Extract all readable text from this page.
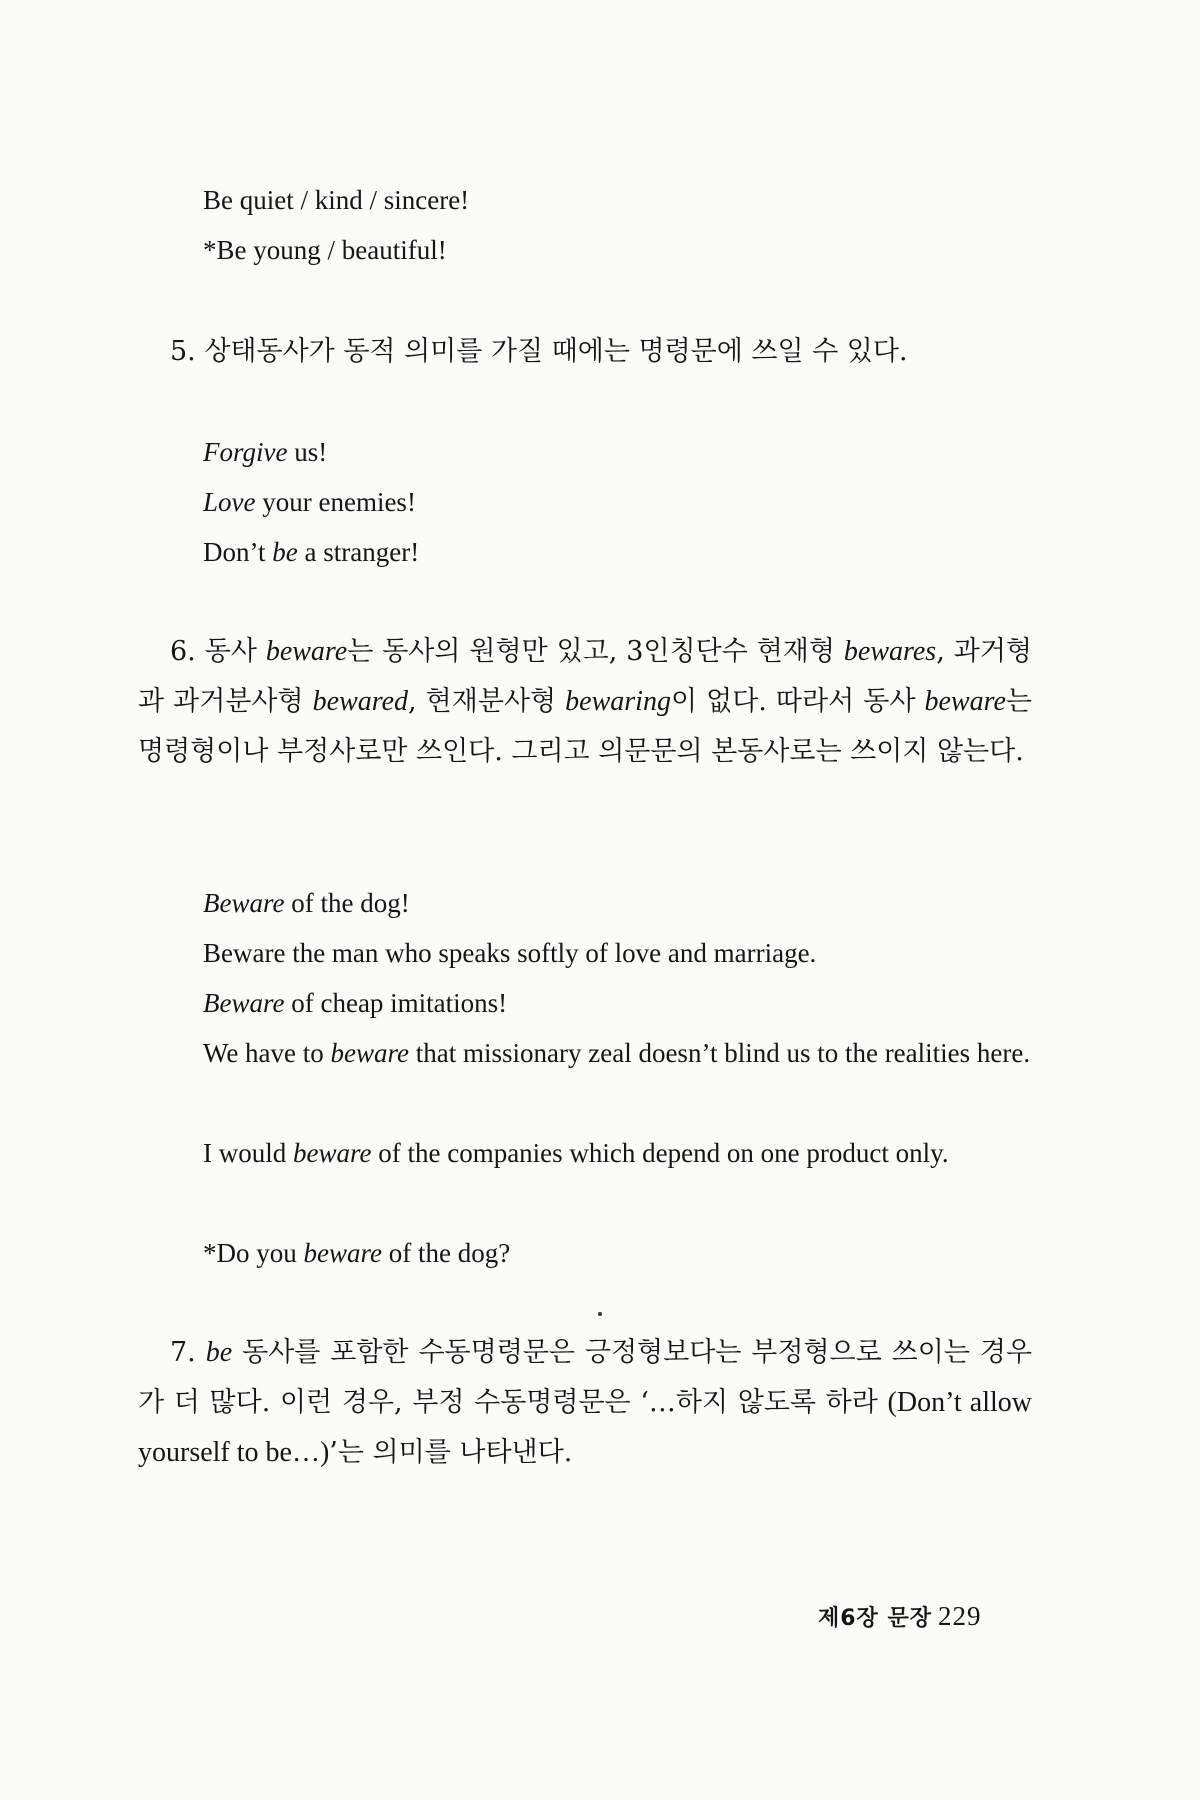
Be quiet / kind / sincere!
*Be young / beautiful!
5. 상태동사가 동적 의미를 가질 때에는 명령문에 쓰일 수 있다.
Forgive us!
Love your enemies!
Don’t be a stranger!
6. 동사 beware는 동사의 원형만 있고, 3인칭단수 현재형 bewares, 과거형과 과거분사형 bewared, 현재분사형 bewaring이 없다. 따라서 동사 beware는 명령형이나 부정사로만 쓰인다. 그리고 의문문의 본동사로는 쓰이지 않는다.
Beware of the dog!
Beware the man who speaks softly of love and marriage.
Beware of cheap imitations!
We have to beware that missionary zeal doesn’t blind us to the realities here.
I would beware of the companies which depend on one product only.
*Do you beware of the dog?
7. be 동사를 포함한 수동명령문은 긍정형보다는 부정형으로 쓰이는 경우가 더 많다. 이런 경우, 부정 수동명령문은 ‘…하지 않도록 하라 (Don’t allow yourself to be…)’는 의미를 나타낸다.
제6장 문장 229
